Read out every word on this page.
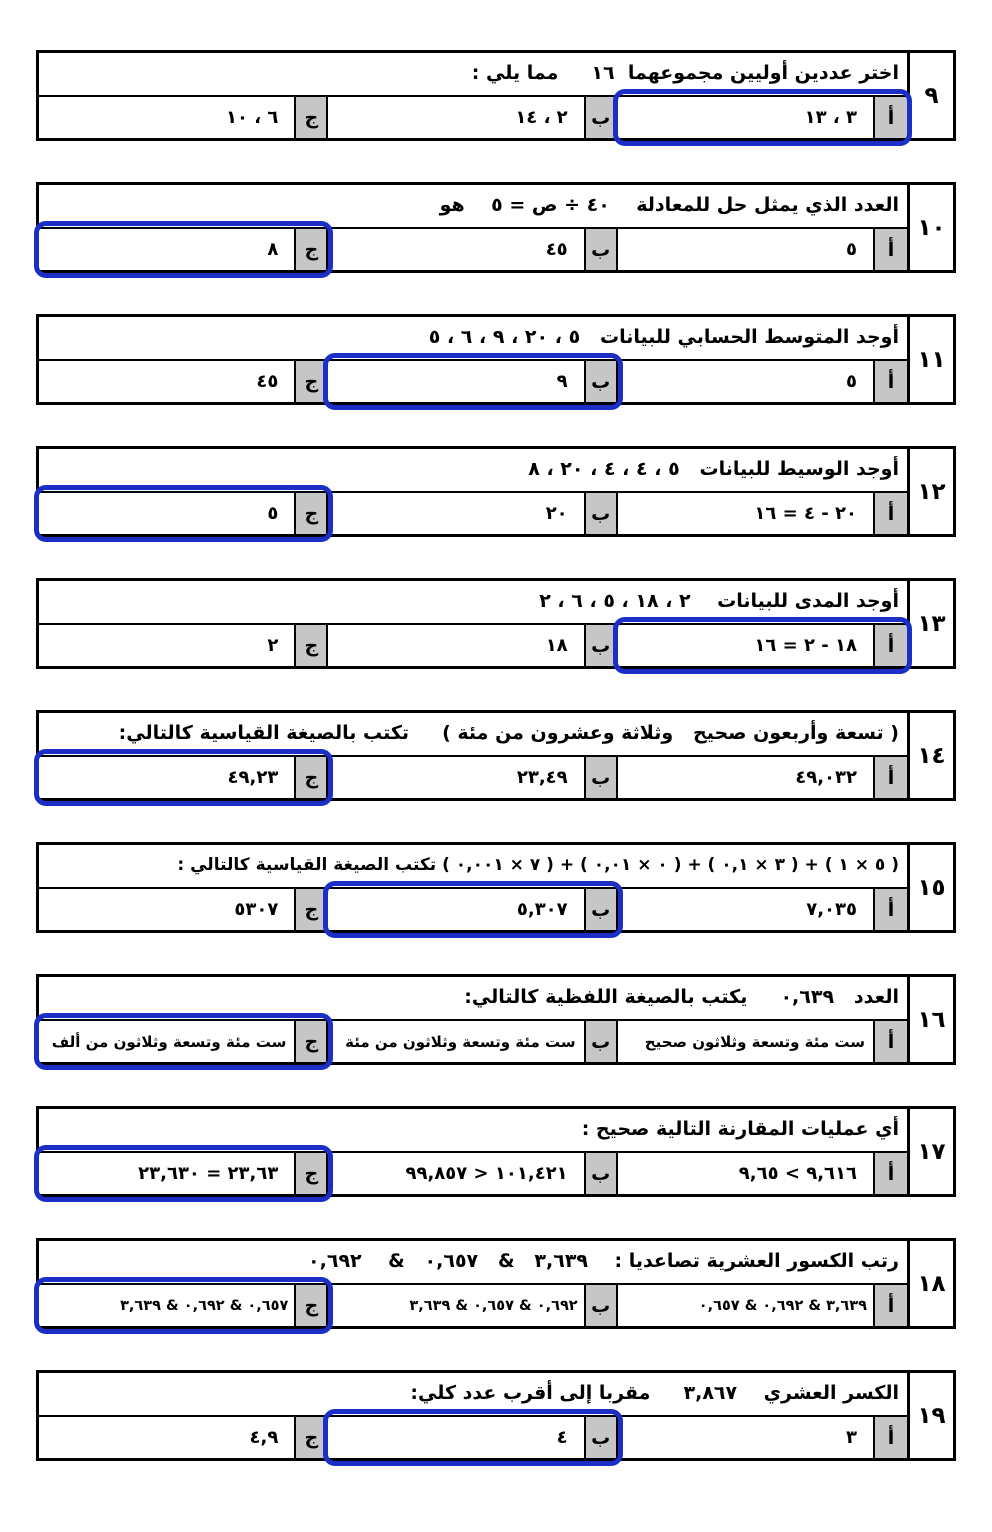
٩
اختر عددين أوليين مجموعهما  ١٦     مما يلي :
أ
٣ ، ١٣
ب
٢ ، ١٤
ج
٦ ، ١٠
١٠
العدد الذي يمثل حل للمعادلة    ٤٠ ÷ ص = ٥    هو
أ
٥
ب
٤٥
ج
٨
١١
أوجد المتوسط الحسابي للبيانات   ٥ ، ٢٠ ، ٩ ، ٦ ، ٥
أ
٥
ب
٩
ج
٤٥
١٢
أوجد الوسيط للبيانات   ٥ ، ٤ ، ٤ ، ٢٠ ، ٨
أ
٢٠ - ٤ = ١٦
ب
٢٠
ج
٥
١٣
أوجد المدى للبيانات    ٢ ، ١٨ ، ٥ ، ٦ ، ٢
أ
١٨ - ٢ = ١٦
ب
١٨
ج
٢
١٤
( تسعة وأربعون صحيح   وثلاثة وعشرون من مئة )     تكتب بالصيغة القياسية كالتالي:
أ
٤٩,٠٣٢
ب
٢٣,٤٩
ج
٤٩,٢٣
١٥
( ٥ × ١ ) + ( ٣ × ٠,١ ) + ( ٠ × ٠,٠١ ) + ( ٧ × ٠,٠٠١ ) تكتب الصيغة القياسية كالتالي :
أ
٧,٠٣٥
ب
٥,٣٠٧
ج
٥٣٠٧
١٦
العدد   ٠,٦٣٩     يكتب بالصيغة اللفظية كالتالي:
أ
ست مئة وتسعة وثلاثون صحيح
ب
ست مئة وتسعة وثلاثون من مئة
ج
ست مئة وتسعة وثلاثون من ألف
١٧
أي عمليات المقارنة التالية صحيح :
أ
٩,٦١٦ > ٩,٦٥
ب
١٠١,٤٢١ < ٩٩,٨٥٧
ج
٢٣,٦٣ = ٢٣,٦٣٠
١٨
رتب الكسور العشرية تصاعديا :    ٣,٦٣٩   &   ٠,٦٥٧   &    ٠,٦٩٢
أ
٣,٦٣٩ & ٠,٦٩٢ & ٠,٦٥٧
ب
٠,٦٩٢ & ٠,٦٥٧ & ٣,٦٣٩
ج
٠,٦٥٧ & ٠,٦٩٢ & ٣,٦٣٩
١٩
الكسر العشري    ٣,٨٦٧     مقربا إلى أقرب عدد كلي:
أ
٣
ب
٤
ج
٤,٩
